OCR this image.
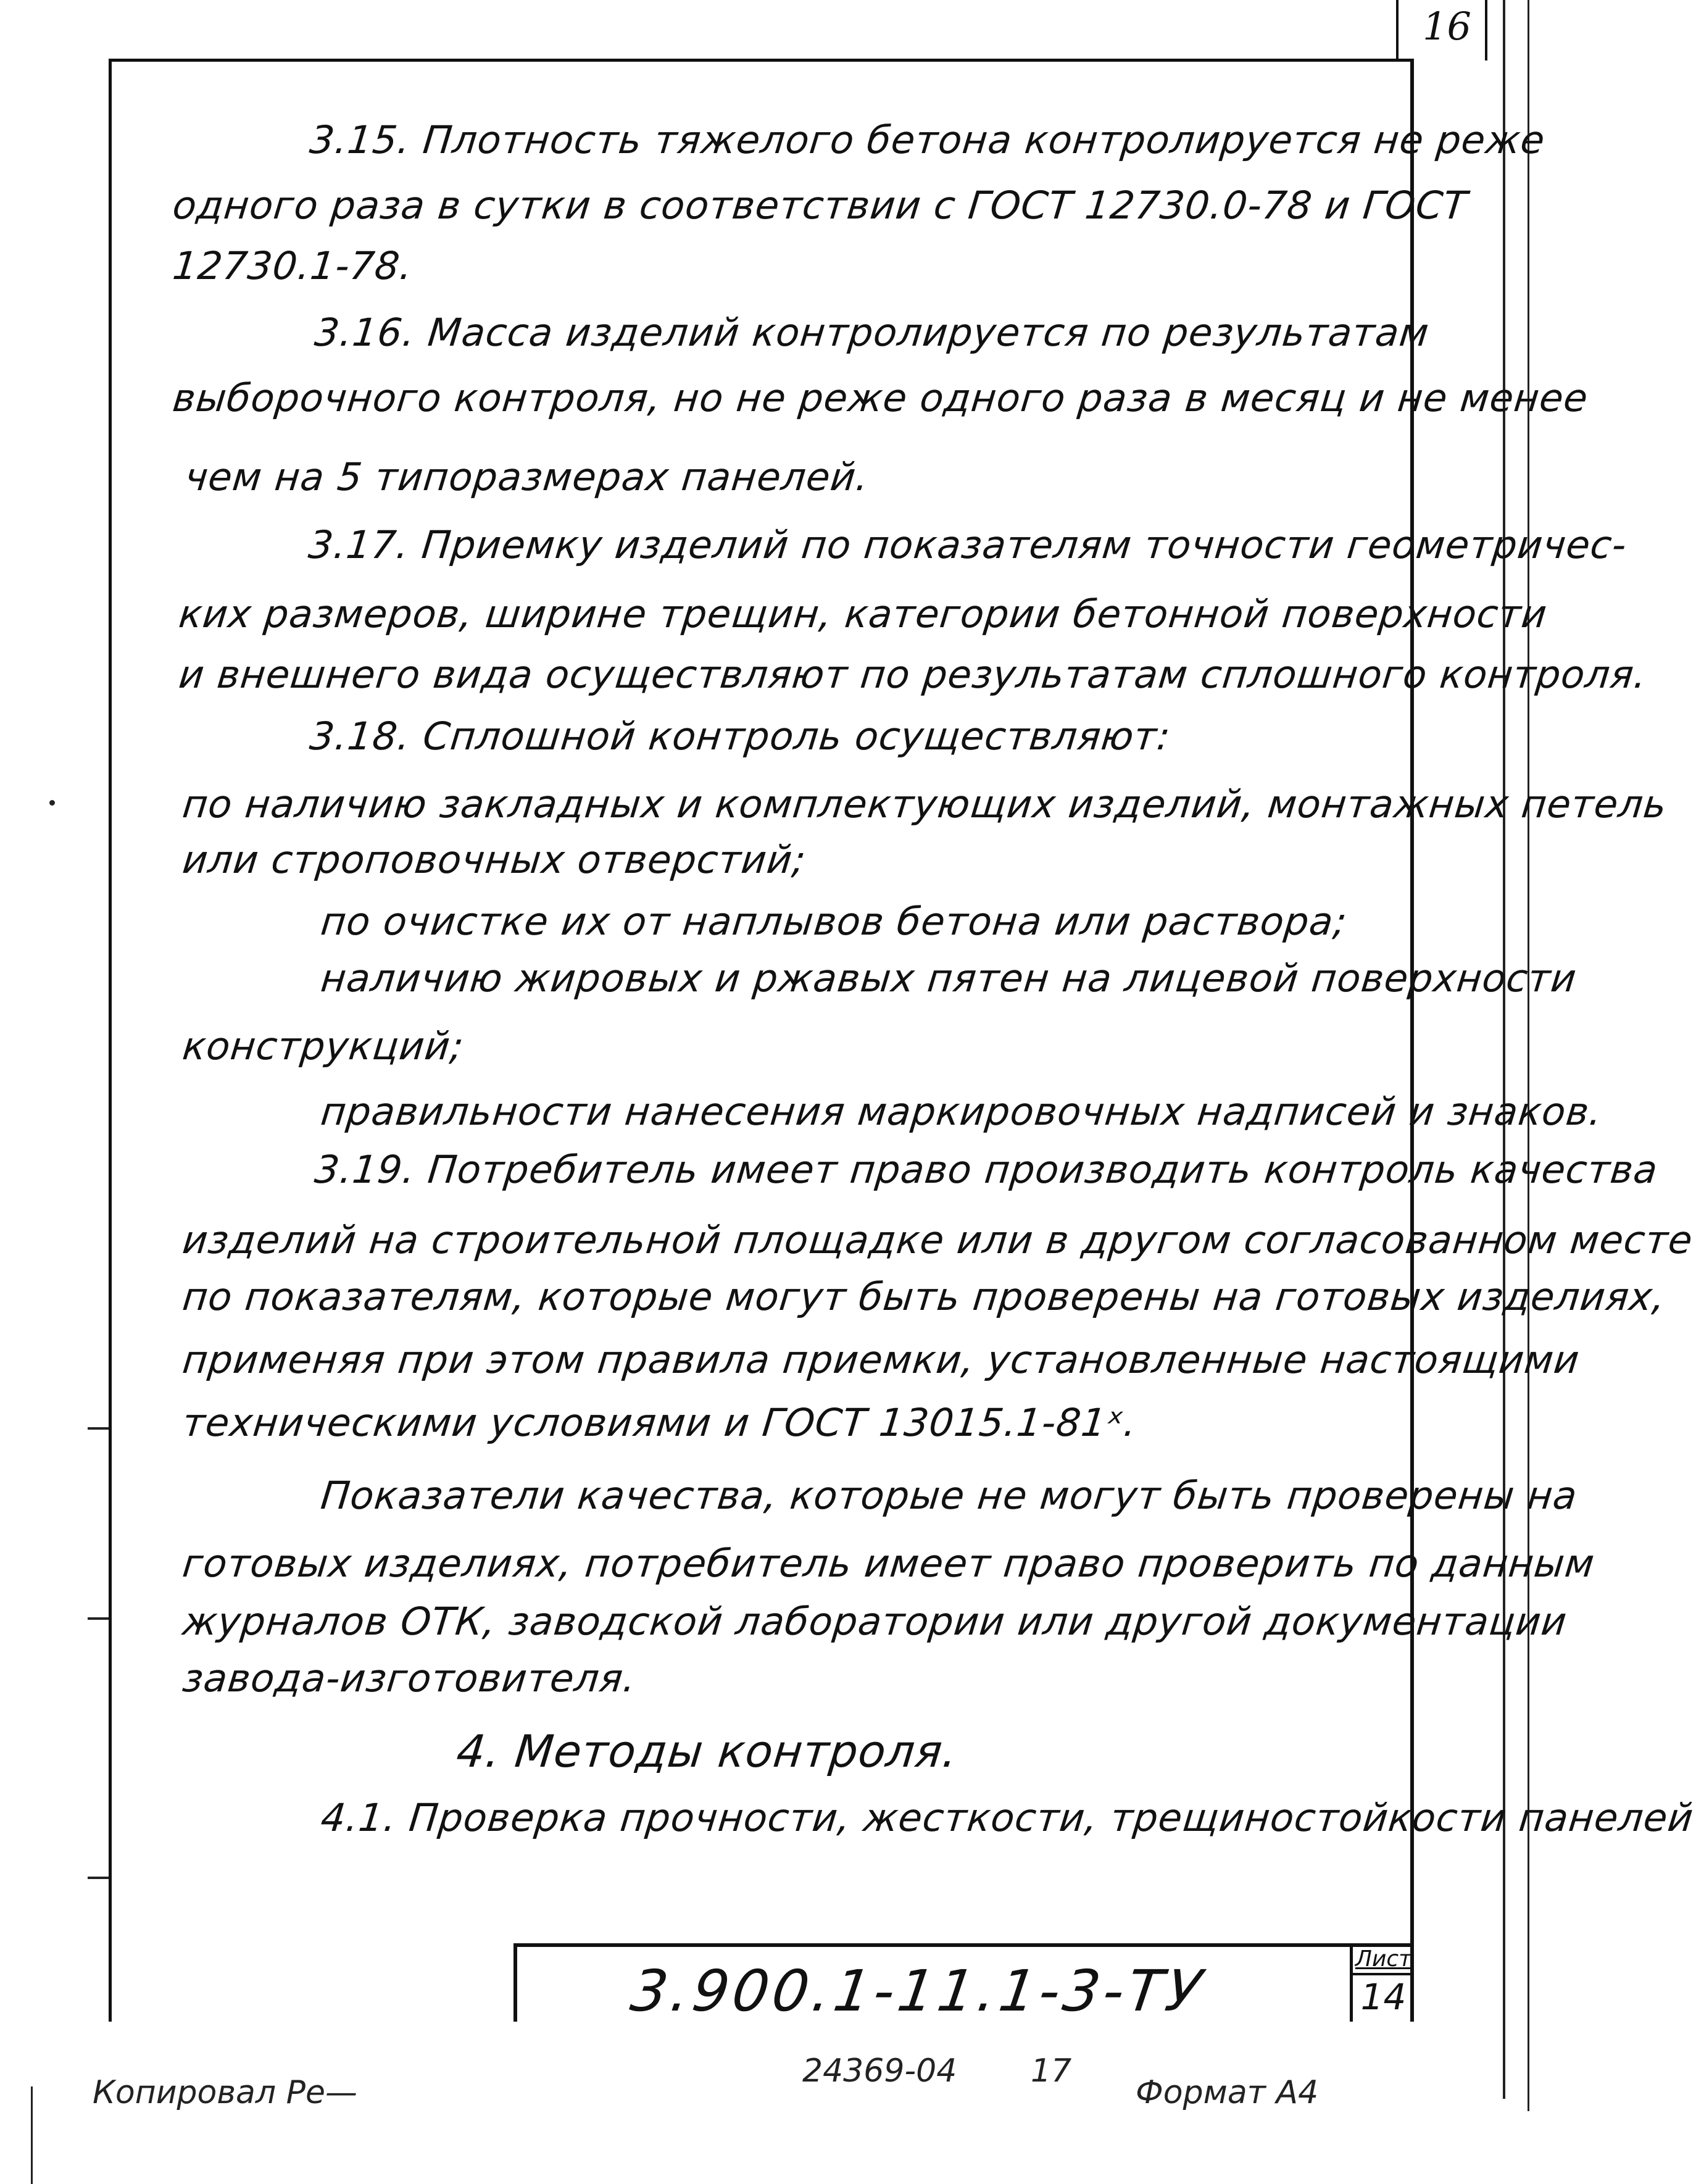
16
3.15. Плотность тяжелого бетона контролируется не реже
одного раза в сутки в соответствии с ГОСТ 12730.0-78 и ГОСТ
12730.1-78.
3.16. Масса изделий контролируется по результатам
выборочного контроля, но не реже одного раза в месяц и не менее
чем на 5 типоразмерах панелей.
3.17. Приемку изделий по показателям точности геометричес-
ких размеров, ширине трещин, категории бетонной поверхности
и внешнего вида осуществляют по результатам сплошного контроля.
3.18. Сплошной контроль осуществляют:
по наличию закладных и комплектующих изделий, монтажных петель
или строповочных отверстий;
по очистке их от наплывов бетона или раствора;
наличию жировых и ржавых пятен на лицевой поверхности
конструкций;
правильности нанесения маркировочных надписей и знаков.
3.19. Потребитель имеет право производить контроль качества
изделий на строительной площадке или в другом согласованном месте
по показателям, которые могут быть проверены на готовых изделиях,
применяя при этом правила приемки, установленные настоящими
техническими условиями и ГОСТ 13015.1-81ˣ.
Показатели качества, которые не могут быть проверены на
готовых изделиях, потребитель имеет право проверить по данным
журналов ОТК, заводской лаборатории или другой документации
завода-изготовителя.
4. Методы контроля.
4.1. Проверка прочности, жесткости, трещиностойкости панелей
3.900.1-11.1-3-ТУ	Лист
14
Копировал Ре—
24369-04 17
Формат А4
